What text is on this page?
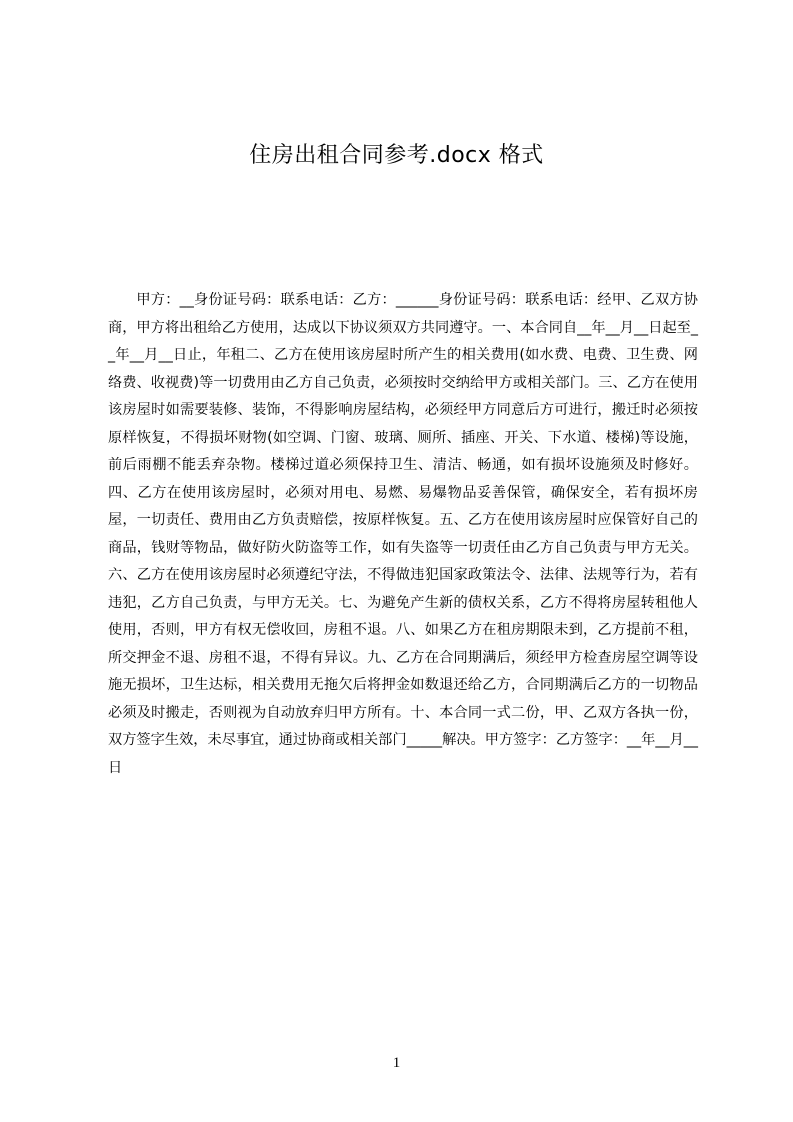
住房出租合同参考.docx 格式

甲方：__身份证号码：联系电话：乙方：______身份证号码：联系电话：经甲、乙双方协商，甲方将出租给乙方使用，达成以下协议须双方共同遵守。一、本合同自__年__月__日起至__年__月__日止，年租二、乙方在使用该房屋时所产生的相关费用(如水费、电费、卫生费、网络费、收视费)等一切费用由乙方自己负责，必须按时交纳给甲方或相关部门。三、乙方在使用该房屋时如需要装修、装饰，不得影响房屋结构，必须经甲方同意后方可进行，搬迁时必须按原样恢复，不得损坏财物(如空调、门窗、玻璃、厕所、插座、开关、下水道、楼梯)等设施，前后雨棚不能丢弃杂物。楼梯过道必须保持卫生、清洁、畅通，如有损坏设施须及时修好。四、乙方在使用该房屋时，必须对用电、易燃、易爆物品妥善保管，确保安全，若有损坏房屋，一切责任、费用由乙方负责赔偿，按原样恢复。五、乙方在使用该房屋时应保管好自己的商品，钱财等物品，做好防火防盗等工作，如有失盗等一切责任由乙方自己负责与甲方无关。六、乙方在使用该房屋时必须遵纪守法，不得做违犯国家政策法令、法律、法规等行为，若有违犯，乙方自己负责，与甲方无关。七、为避免产生新的债权关系，乙方不得将房屋转租他人使用，否则，甲方有权无偿收回，房租不退。八、如果乙方在租房期限未到，乙方提前不租，所交押金不退、房租不退，不得有异议。九、乙方在合同期满后，须经甲方检查房屋空调等设施无损坏，卫生达标，相关费用无拖欠后将押金如数退还给乙方，合同期满后乙方的一切物品必须及时搬走，否则视为自动放弃归甲方所有。十、本合同一式二份，甲、乙双方各执一份，双方签字生效，未尽事宜，通过协商或相关部门_____解决。甲方签字：乙方签字：__年__月__日

1
